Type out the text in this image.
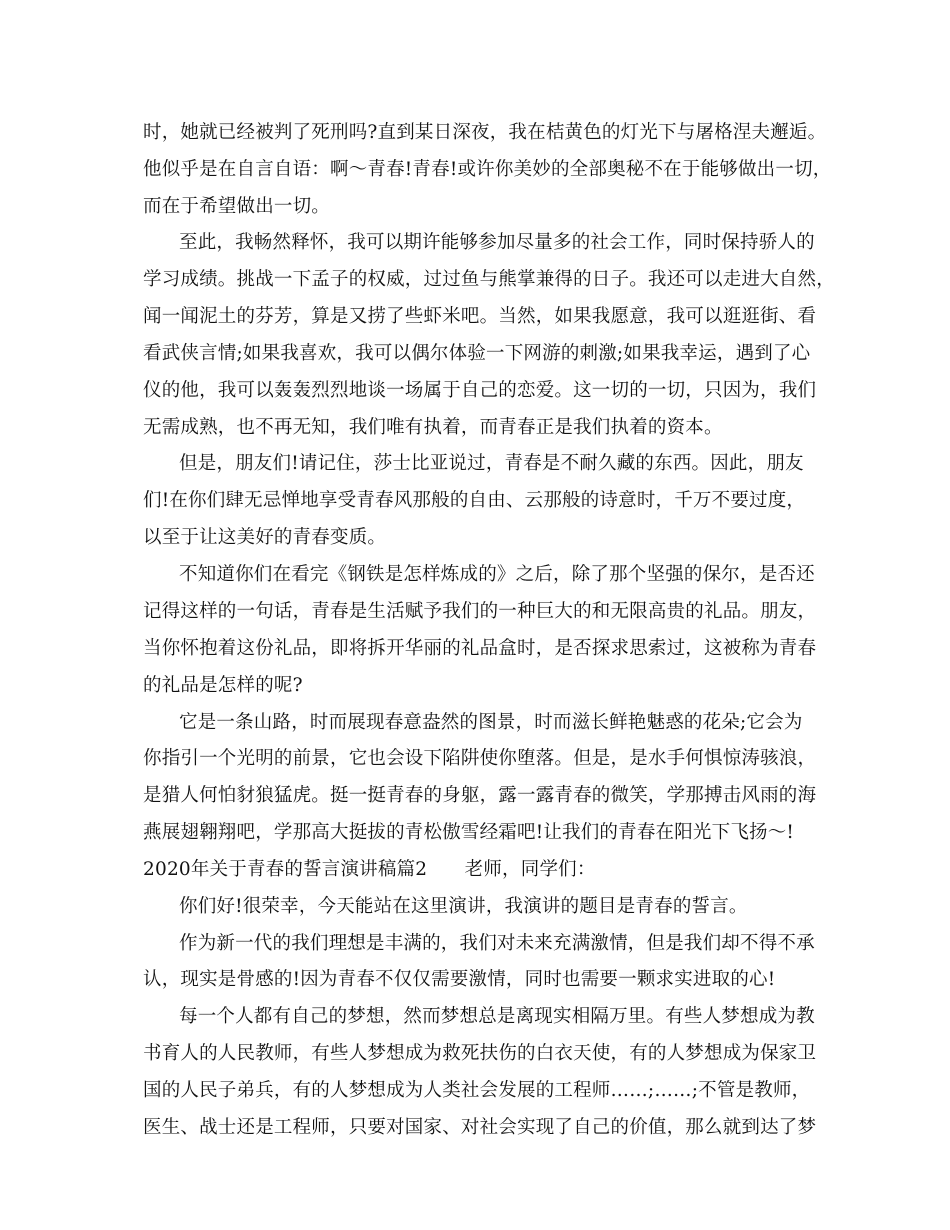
时，她就已经被判了死刑吗?直到某日深夜，我在桔黄色的灯光下与屠格涅夫邂逅。
他似乎是在自言自语：啊～青春!青春!或许你美妙的全部奥秘不在于能够做出一切，
而在于希望做出一切。
至此，我畅然释怀，我可以期许能够参加尽量多的社会工作，同时保持骄人的
学习成绩。挑战一下孟子的权威，过过鱼与熊掌兼得的日子。我还可以走进大自然，
闻一闻泥土的芬芳，算是又捞了些虾米吧。当然，如果我愿意，我可以逛逛街、看
看武侠言情;如果我喜欢，我可以偶尔体验一下网游的刺激;如果我幸运，遇到了心
仪的他，我可以轰轰烈烈地谈一场属于自己的恋爱。这一切的一切，只因为，我们
无需成熟，也不再无知，我们唯有执着，而青春正是我们执着的资本。
但是，朋友们!请记住，莎士比亚说过，青春是不耐久藏的东西。因此，朋友
们!在你们肆无忌惮地享受青春风那般的自由、云那般的诗意时，千万不要过度，
以至于让这美好的青春变质。
不知道你们在看完《钢铁是怎样炼成的》之后，除了那个坚强的保尔，是否还
记得这样的一句话，青春是生活赋予我们的一种巨大的和无限高贵的礼品。朋友，
当你怀抱着这份礼品，即将拆开华丽的礼品盒时，是否探求思索过，这被称为青春
的礼品是怎样的呢?
它是一条山路，时而展现春意盎然的图景，时而滋长鲜艳魅惑的花朵;它会为
你指引一个光明的前景，它也会设下陷阱使你堕落。但是，是水手何惧惊涛骇浪，
是猎人何怕豺狼猛虎。挺一挺青春的身躯，露一露青春的微笑，学那搏击风雨的海
燕展翅翱翔吧，学那高大挺拔的青松傲雪经霜吧!让我们的青春在阳光下飞扬～!
2020年关于青春的誓言演讲稿篇2　　老师，同学们：
你们好!很荣幸，今天能站在这里演讲，我演讲的题目是青春的誓言。
作为新一代的我们理想是丰满的，我们对未来充满激情，但是我们却不得不承
认，现实是骨感的!因为青春不仅仅需要激情，同时也需要一颗求实进取的心!
每一个人都有自己的梦想，然而梦想总是离现实相隔万里。有些人梦想成为教
书育人的人民教师，有些人梦想成为救死扶伤的白衣天使，有的人梦想成为保家卫
国的人民子弟兵，有的人梦想成为人类社会发展的工程师……;……;不管是教师，
医生、战士还是工程师，只要对国家、对社会实现了自己的价值，那么就到达了梦
